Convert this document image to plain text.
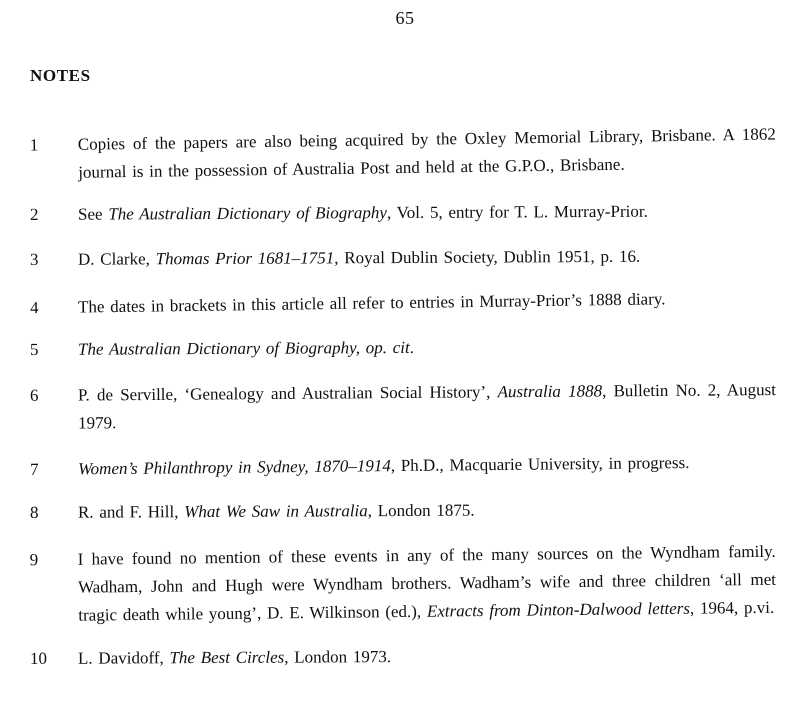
65
NOTES
1	Copies of the papers are also being acquired by the Oxley Memorial Library, Brisbane. A 1862 journal is in the possession of Australia Post and held at the G.P.O., Brisbane.
2	See The Australian Dictionary of Biography, Vol. 5, entry for T. L. Murray-Prior.
3	D. Clarke, Thomas Prior 1681–1751, Royal Dublin Society, Dublin 1951, p. 16.
4	The dates in brackets in this article all refer to entries in Murray-Prior’s 1888 diary.
5	The Australian Dictionary of Biography, op. cit.
6	P. de Serville, ‘Genealogy and Australian Social History’, Australia 1888, Bulletin No. 2, August 1979.
7	Women’s Philanthropy in Sydney, 1870–1914, Ph.D., Macquarie University, in progress.
8	R. and F. Hill, What We Saw in Australia, London 1875.
9	I have found no mention of these events in any of the many sources on the Wyndham family. Wadham, John and Hugh were Wyndham brothers. Wadham’s wife and three children ‘all met tragic death while young’, D. E. Wilkinson (ed.), Extracts from Dinton-Dalwood letters, 1964, p.vi.
10	L. Davidoff, The Best Circles, London 1973.
